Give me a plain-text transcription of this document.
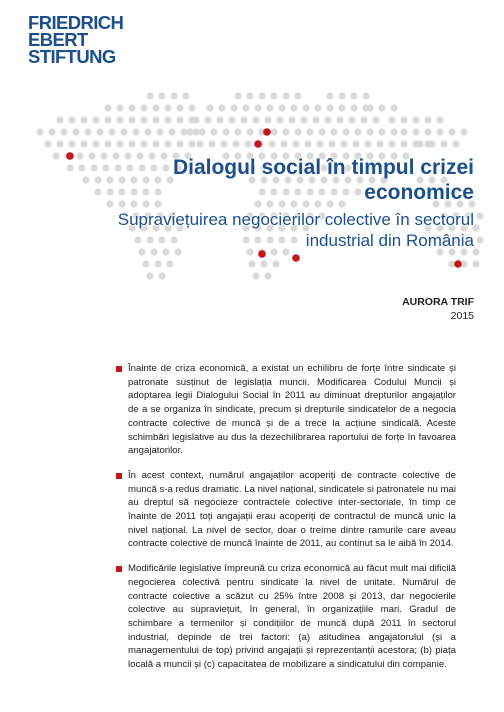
FRIEDRICH
EBERT
STIFTUNG
Dialogul social în timpul crizei economice
Supraviețuirea negocierilor colective în sectorul industrial din România
AURORA TRIF
2015
Înainte de criza economică, a existat un echilibru de forțe între sindicate și patronate susținut de legislația muncii. Modificarea Codului Muncii și adoptarea legii Dialogului Social în 2011 au diminuat drepturilor angajaților de a se organiza în sindicate, precum și drepturile sindicatelor de a negocia contracte colective de muncă și de a trece la acțiune sindicală. Aceste schimbări legislative au dus la dezechilibrarea raportului de forțe în favoarea angajatorilor.
În acest context, numărul angajaților acoperiți de contracte colective de muncă s-a redus dramatic. La nivel național, sindicatele si patronatele nu mai au dreptul să negocieze contractele colective inter-sectoriale, în timp ce înainte de 2011 toți angajații erau acoperiți de contractul de muncă unic la nivel național. La nivel de sector, doar o treime dintre ramurile care aveau contracte colective de muncă înainte de 2011, au continut sa le aibă în 2014.
Modificările legislative împreună cu criza economică au făcut mult mai dificilă negocierea colectivă pentru sindicate la nivel de unitate. Numărul de contracte colective a scăzut cu 25% între 2008 și 2013, dar negocierile colective au supraviețuit, în general, în organizațiile mari. Gradul de schimbare a termenilor și condițiilor de muncă după 2011 în sectorul industrial, depinde de trei factori: (a) atitudinea angajatorului (și a managementului de top) privind angajații și reprezentanții acestora; (b) piața locală a muncii și (c) capacitatea de mobilizare a sindicatului din companie.
